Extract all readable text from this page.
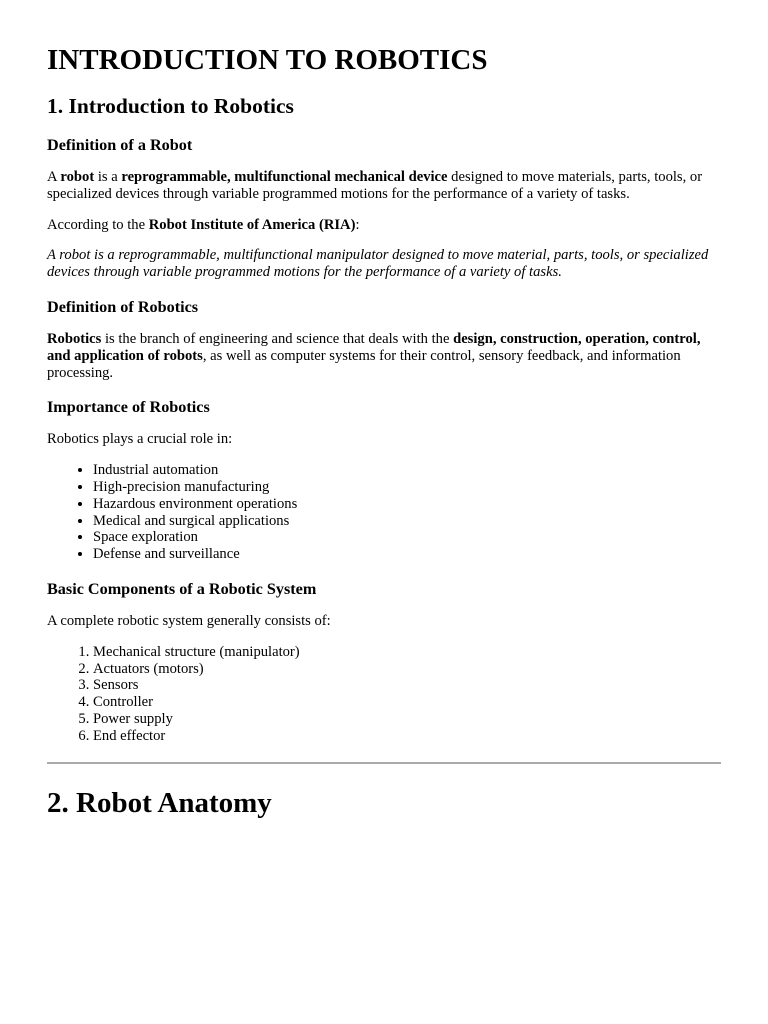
INTRODUCTION TO ROBOTICS
1. Introduction to Robotics
Definition of a Robot

A robot is a reprogrammable, multifunctional mechanical device designed to move materials, parts, tools, or specialized devices through variable programmed motions for the performance of a variety of tasks.

According to the Robot Institute of America (RIA):

A robot is a reprogrammable, multifunctional manipulator designed to move material, parts, tools, or specialized devices through variable programmed motions for the performance of a variety of tasks.

Definition of Robotics

Robotics is the branch of engineering and science that deals with the design, construction, operation, control, and application of robots, as well as computer systems for their control, sensory feedback, and information processing.

Importance of Robotics

Robotics plays a crucial role in:

• Industrial automation
• High-precision manufacturing
• Hazardous environment operations
• Medical and surgical applications
• Space exploration
• Defense and surveillance
Basic Components of a Robotic System

A complete robotic system generally consists of:

1. Mechanical structure (manipulator)
2. Actuators (motors)
3. Sensors
4. Controller
5. Power supply
6. End effector
2. Robot Anatomy
